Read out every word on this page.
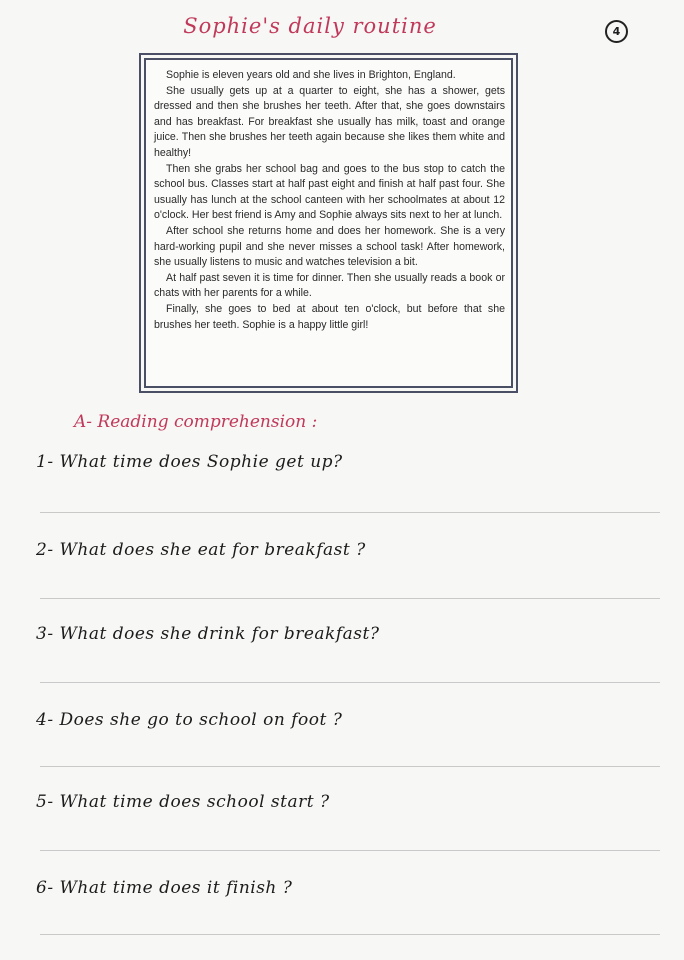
Sophie's daily routine	4

Sophie is eleven years old and she lives in Brighton, England.

She usually gets up at a quarter to eight, she has a shower, gets dressed and then she brushes her teeth. After that, she goes downstairs and has breakfast. For breakfast she usually has milk, toast and orange juice. Then she brushes her teeth again because she likes them white and healthy!

Then she grabs her school bag and goes to the bus stop to catch the school bus. Classes start at half past eight and finish at half past four. She usually has lunch at the school canteen with her schoolmates at about 12 o'clock. Her best friend is Amy and Sophie always sits next to her at lunch.

After school she returns home and does her homework. She is a very hard-working pupil and she never misses a school task! After homework, she usually listens to music and watches television a bit.

At half past seven it is time for dinner. Then she usually reads a book or chats with her parents for a while.

Finally, she goes to bed at about ten o'clock, but before that she brushes her teeth. Sophie is a happy little girl!

A- Reading comprehension :
1- What time does Sophie get up?
2- What does she eat for breakfast ?
3- What does she drink for breakfast?
4- Does she go to school on foot ?
5- What time does school start ?
6- What time does it finish ?
